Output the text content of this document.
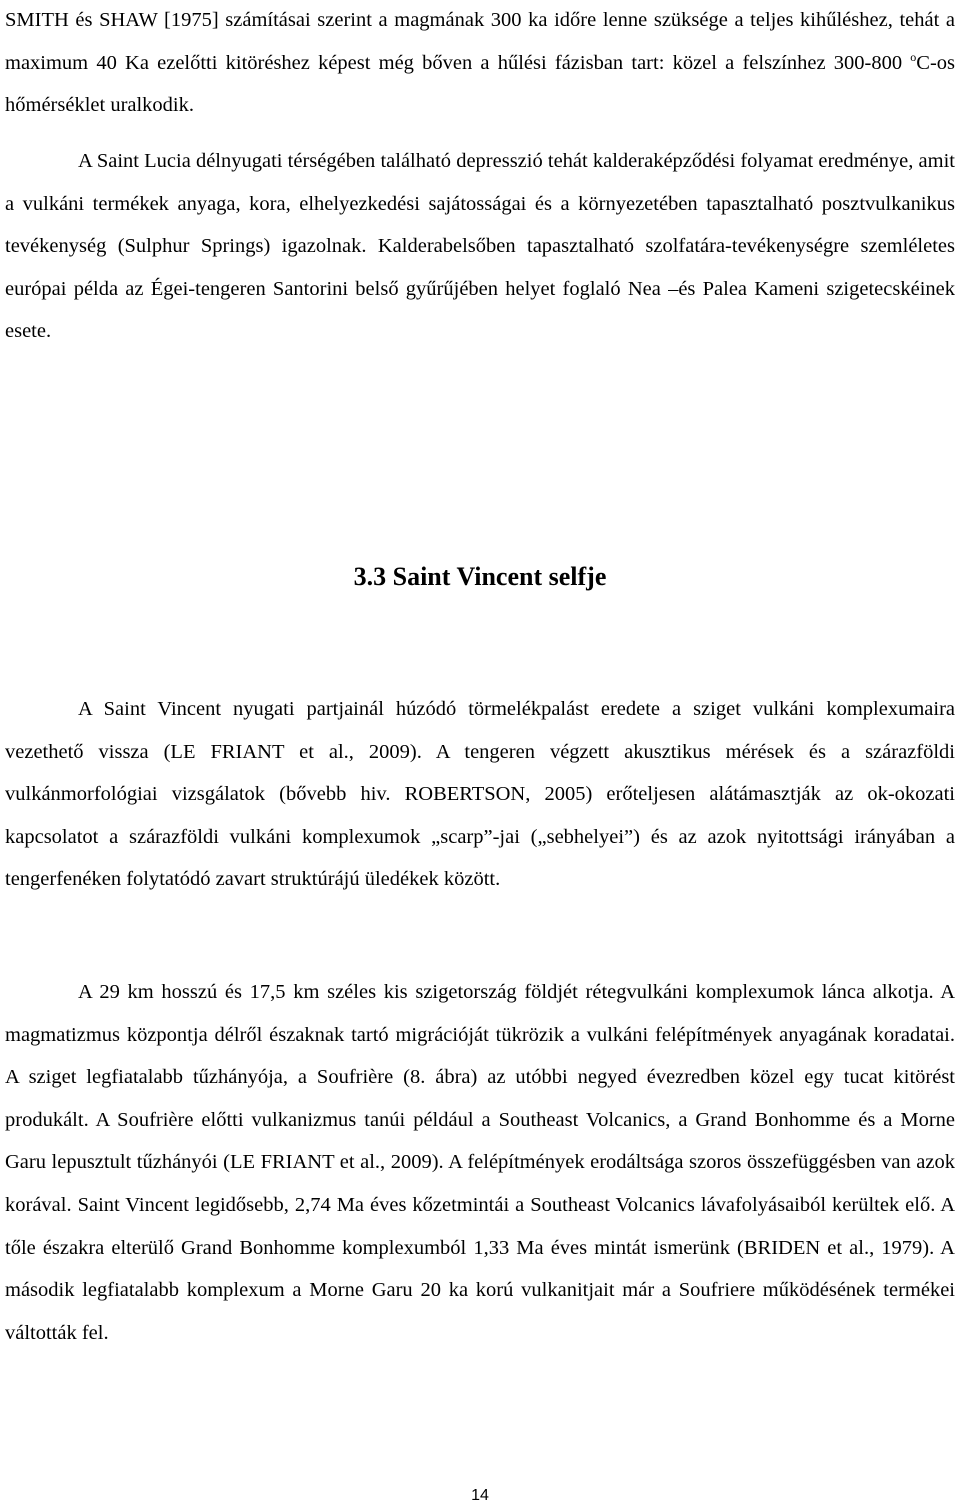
SMITH és SHAW [1975] számításai szerint a magmának 300 ka időre lenne szüksége a teljes kihűléshez, tehát a maximum 40 Ka ezelőtti kitöréshez képest még bőven a hűlési fázisban tart: közel a felszínhez 300-800 $^o$C-os hőmérséklet uralkodik.

A Saint Lucia délnyugati térségében található depresszió tehát kalderaképződési folyamat eredménye, amit a vulkáni termékek anyaga, kora, elhelyezkedési sajátosságai és a környezetében tapasztalható posztvulkanikus tevékenység (Sulphur Springs) igazolnak. Kalderabelsőben tapasztalható szolfatára-tevékenységre szemléletes európai példa az Égei-tengeren Santorini belső gyűrűjében helyet foglaló Nea –és Palea Kameni szigetecskéinek esete.

3.3 Saint Vincent selfje

A Saint Vincent nyugati partjainál húzódó törmelékpalást eredete a sziget vulkáni komplexumaira vezethető vissza (LE FRIANT et al., 2009). A tengeren végzett akusztikus mérések és a szárazföldi vulkánmorfológiai vizsgálatok (bővebb hiv. ROBERTSON, 2005) erőteljesen alátámasztják az ok-okozati kapcsolatot a szárazföldi vulkáni komplexumok „scarp”-jai („sebhelyei”) és az azok nyitottsági irányában a tengerfenéken folytatódó zavart struktúrájú üledékek között.

A 29 km hosszú és 17,5 km széles kis szigetország földjét rétegvulkáni komplexumok lánca alkotja. A magmatizmus központja délről északnak tartó migrációját tükrözik a vulkáni felépítmények anyagának koradatai. A sziget legfiatalabb tűzhányója, a Soufrière (8. ábra) az utóbbi negyed évezredben közel egy tucat kitörést produkált. A Soufrière előtti vulkanizmus tanúi például a Southeast Volcanics, a Grand Bonhomme és a Morne Garu lepusztult tűzhányói (LE FRIANT et al., 2009). A felépítmények erodáltsága szoros összefüggésben van azok korával. Saint Vincent legidősebb, 2,74 Ma éves kőzetmintái a Southeast Volcanics lávafolyásaiból kerültek elő. A tőle északra elterülő Grand Bonhomme komplexumból 1,33 Ma éves mintát ismerünk (BRIDEN et al., 1979). A második legfiatalabb komplexum a Morne Garu 20 ka korú vulkanitjait már a Soufriere működésének termékei váltották fel.

14
